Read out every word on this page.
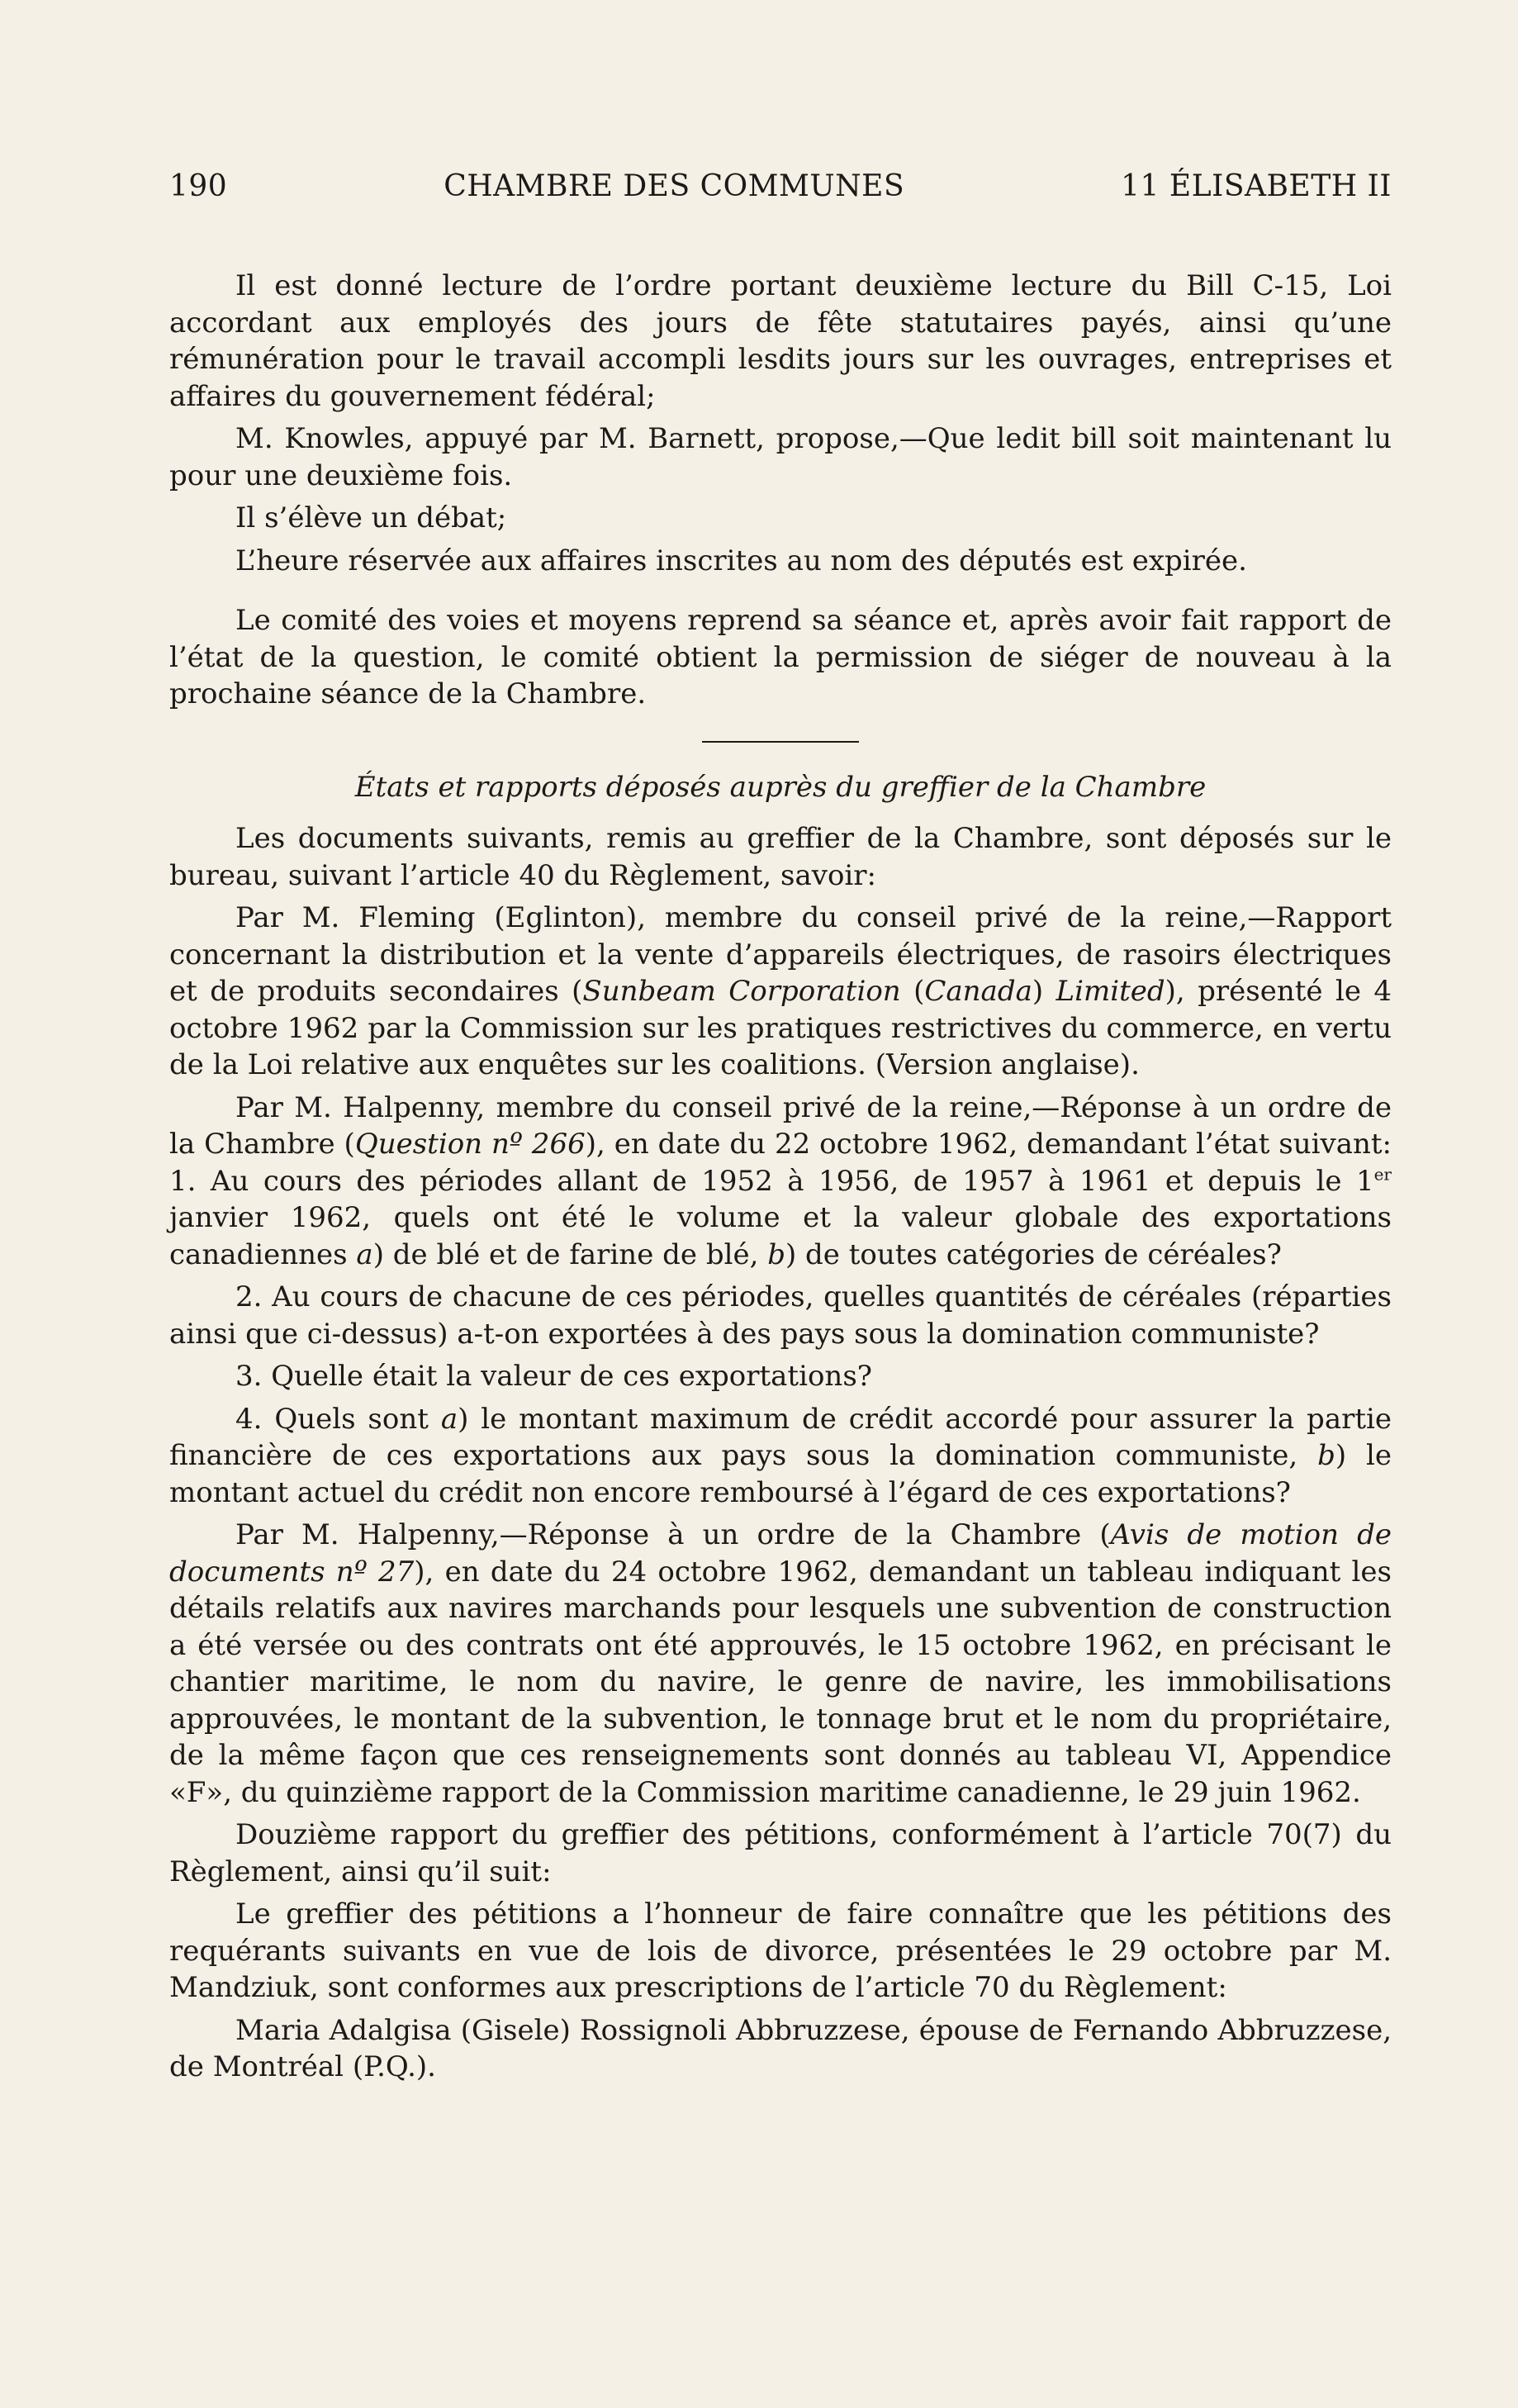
190	CHAMBRE DES COMMUNES	11 ÉLISABETH II

Il est donné lecture de l’ordre portant deuxième lecture du Bill C-15, Loi accordant aux employés des jours de fête statutaires payés, ainsi qu’une rémunération pour le travail accompli lesdits jours sur les ouvrages, entreprises et affaires du gouvernement fédéral;

M. Knowles, appuyé par M. Barnett, propose,—Que ledit bill soit maintenant lu pour une deuxième fois.

Il s’élève un débat;

L’heure réservée aux affaires inscrites au nom des députés est expirée.

Le comité des voies et moyens reprend sa séance et, après avoir fait rapport de l’état de la question, le comité obtient la permission de siéger de nouveau à la prochaine séance de la Chambre.

États et rapports déposés auprès du greffier de la Chambre

Les documents suivants, remis au greffier de la Chambre, sont déposés sur le bureau, suivant l’article 40 du Règlement, savoir:

Par M. Fleming (Eglinton), membre du conseil privé de la reine,—Rapport concernant la distribution et la vente d’appareils électriques, de rasoirs électriques et de produits secondaires (Sunbeam Corporation (Canada) Limited), présenté le 4 octobre 1962 par la Commission sur les pratiques restrictives du commerce, en vertu de la Loi relative aux enquêtes sur les coalitions. (Version anglaise).

Par M. Halpenny, membre du conseil privé de la reine,—Réponse à un ordre de la Chambre (Question nº 266), en date du 22 octobre 1962, demandant l’état suivant: 1. Au cours des périodes allant de 1952 à 1956, de 1957 à 1961 et depuis le 1er janvier 1962, quels ont été le volume et la valeur globale des exportations canadiennes a) de blé et de farine de blé, b) de toutes catégories de céréales?

2. Au cours de chacune de ces périodes, quelles quantités de céréales (réparties ainsi que ci-dessus) a-t-on exportées à des pays sous la domination communiste?

3. Quelle était la valeur de ces exportations?

4. Quels sont a) le montant maximum de crédit accordé pour assurer la partie financière de ces exportations aux pays sous la domination communiste, b) le montant actuel du crédit non encore remboursé à l’égard de ces exportations?

Par M. Halpenny,—Réponse à un ordre de la Chambre (Avis de motion de documents nº 27), en date du 24 octobre 1962, demandant un tableau indiquant les détails relatifs aux navires marchands pour lesquels une subvention de construction a été versée ou des contrats ont été approuvés, le 15 octobre 1962, en précisant le chantier maritime, le nom du navire, le genre de navire, les immobilisations approuvées, le montant de la subvention, le tonnage brut et le nom du propriétaire, de la même façon que ces renseignements sont donnés au tableau VI, Appendice «F», du quinzième rapport de la Commission maritime canadienne, le 29 juin 1962.

Douzième rapport du greffier des pétitions, conformément à l’article 70(7) du Règlement, ainsi qu’il suit:

Le greffier des pétitions a l’honneur de faire connaître que les pétitions des requérants suivants en vue de lois de divorce, présentées le 29 octobre par M. Mandziuk, sont conformes aux prescriptions de l’article 70 du Règlement:

Maria Adalgisa (Gisele) Rossignoli Abbruzzese, épouse de Fernando Abbruzzese, de Montréal (P.Q.).
